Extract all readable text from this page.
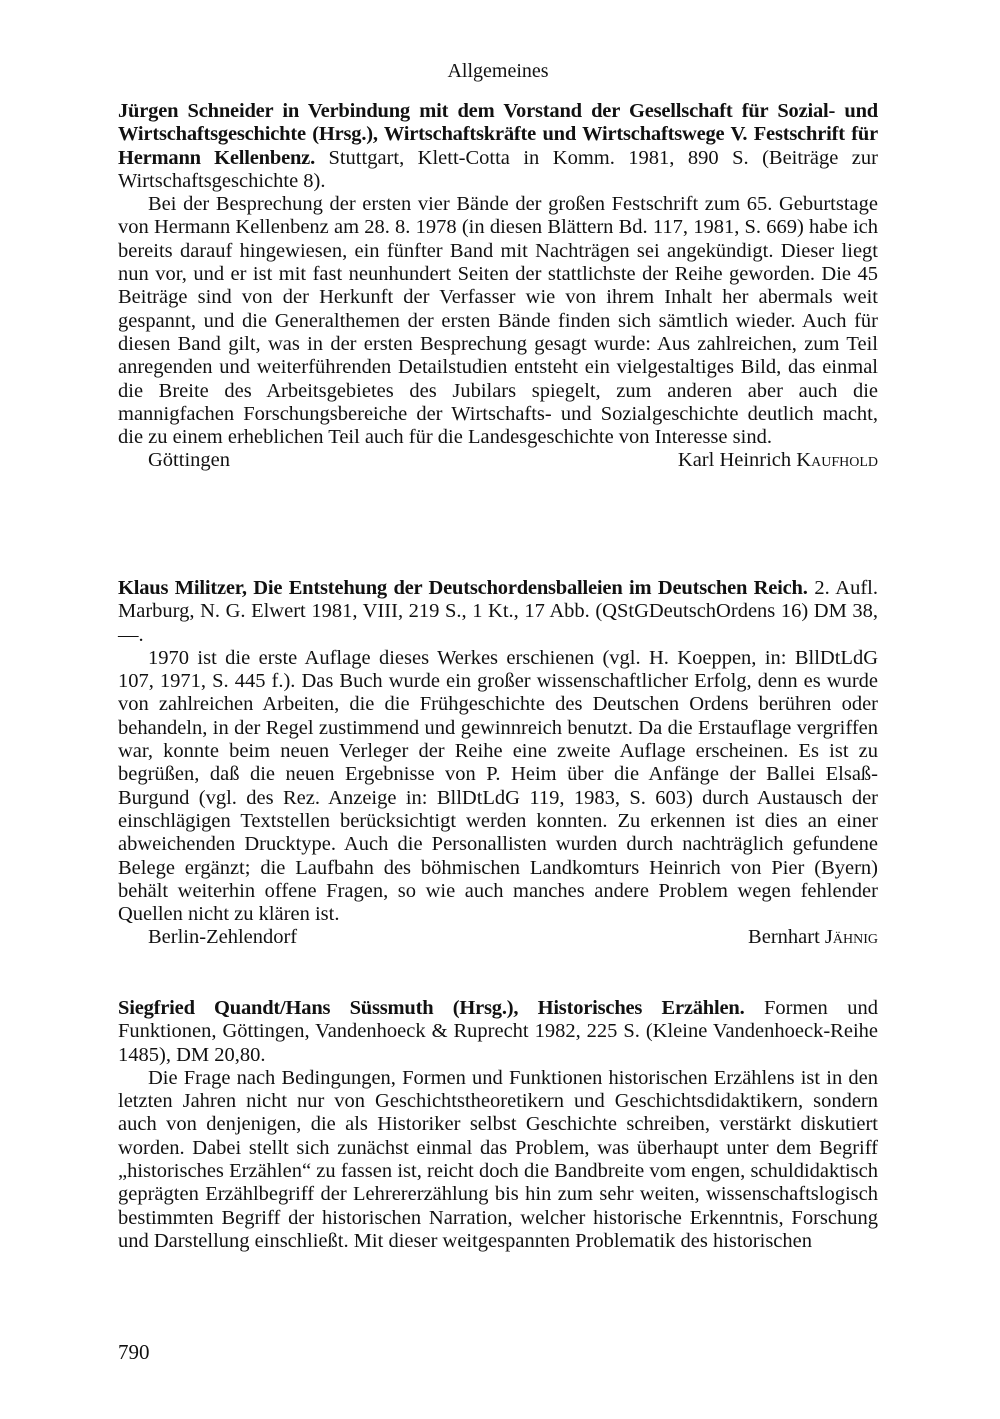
Allgemeines

Jürgen Schneider in Verbindung mit dem Vorstand der Gesellschaft für Sozial- und Wirtschaftsgeschichte (Hrsg.), Wirtschaftskräfte und Wirtschaftswege V. Festschrift für Hermann Kellenbenz. Stuttgart, Klett-Cotta in Komm. 1981, 890 S. (Beiträge zur Wirtschaftsgeschichte 8).

Bei der Besprechung der ersten vier Bände der großen Festschrift zum 65. Geburtstage von Hermann Kellenbenz am 28. 8. 1978 (in diesen Blättern Bd. 117, 1981, S. 669) habe ich bereits darauf hingewiesen, ein fünfter Band mit Nachträgen sei angekündigt. Dieser liegt nun vor, und er ist mit fast neunhundert Seiten der stattlichste der Reihe geworden. Die 45 Beiträge sind von der Herkunft der Verfasser wie von ihrem Inhalt her abermals weit gespannt, und die Generalthemen der ersten Bände finden sich sämtlich wieder. Auch für diesen Band gilt, was in der ersten Besprechung gesagt wurde: Aus zahlreichen, zum Teil anregenden und weiterführenden Detailstudien entsteht ein vielgestaltiges Bild, das einmal die Breite des Arbeitsgebietes des Jubilars spiegelt, zum anderen aber auch die mannigfachen Forschungsbereiche der Wirtschafts- und Sozialgeschichte deutlich macht, die zu einem erheblichen Teil auch für die Landesgeschichte von Interesse sind.

Göttingen	Karl Heinrich Kaufhold

Klaus Militzer, Die Entstehung der Deutschordensballeien im Deutschen Reich. 2. Aufl. Marburg, N. G. Elwert 1981, VIII, 219 S., 1 Kt., 17 Abb. (QStGDeutschOrdens 16) DM 38,—.

1970 ist die erste Auflage dieses Werkes erschienen (vgl. H. Koeppen, in: BllDtLdG 107, 1971, S. 445 f.). Das Buch wurde ein großer wissenschaftlicher Erfolg, denn es wurde von zahlreichen Arbeiten, die die Frühgeschichte des Deutschen Ordens berühren oder behandeln, in der Regel zustimmend und gewinnreich benutzt. Da die Erstauflage vergriffen war, konnte beim neuen Verleger der Reihe eine zweite Auflage erscheinen. Es ist zu begrüßen, daß die neuen Ergebnisse von P. Heim über die Anfänge der Ballei Elsaß-Burgund (vgl. des Rez. Anzeige in: BllDtLdG 119, 1983, S. 603) durch Austausch der einschlägigen Textstellen berücksichtigt werden konnten. Zu erkennen ist dies an einer abweichenden Drucktype. Auch die Personallisten wurden durch nachträglich gefundene Belege ergänzt; die Laufbahn des böhmischen Landkomturs Heinrich von Pier (Byern) behält weiterhin offene Fragen, so wie auch manches andere Problem wegen fehlender Quellen nicht zu klären ist.

Berlin-Zehlendorf	Bernhart Jähnig

Siegfried Quandt/Hans Süssmuth (Hrsg.), Historisches Erzählen. Formen und Funktionen, Göttingen, Vandenhoeck & Ruprecht 1982, 225 S. (Kleine Vandenhoeck-Reihe 1485), DM 20,80.

Die Frage nach Bedingungen, Formen und Funktionen historischen Erzählens ist in den letzten Jahren nicht nur von Geschichtstheoretikern und Geschichtsdidaktikern, sondern auch von denjenigen, die als Historiker selbst Geschichte schreiben, verstärkt diskutiert worden. Dabei stellt sich zunächst einmal das Problem, was überhaupt unter dem Begriff „historisches Erzählen“ zu fassen ist, reicht doch die Bandbreite vom engen, schuldidaktisch geprägten Erzählbegriff der Lehrererzählung bis hin zum sehr weiten, wissenschaftslogisch bestimmten Begriff der historischen Narration, welcher historische Erkenntnis, Forschung und Darstellung einschließt. Mit dieser weitgespannten Problematik des historischen

790
